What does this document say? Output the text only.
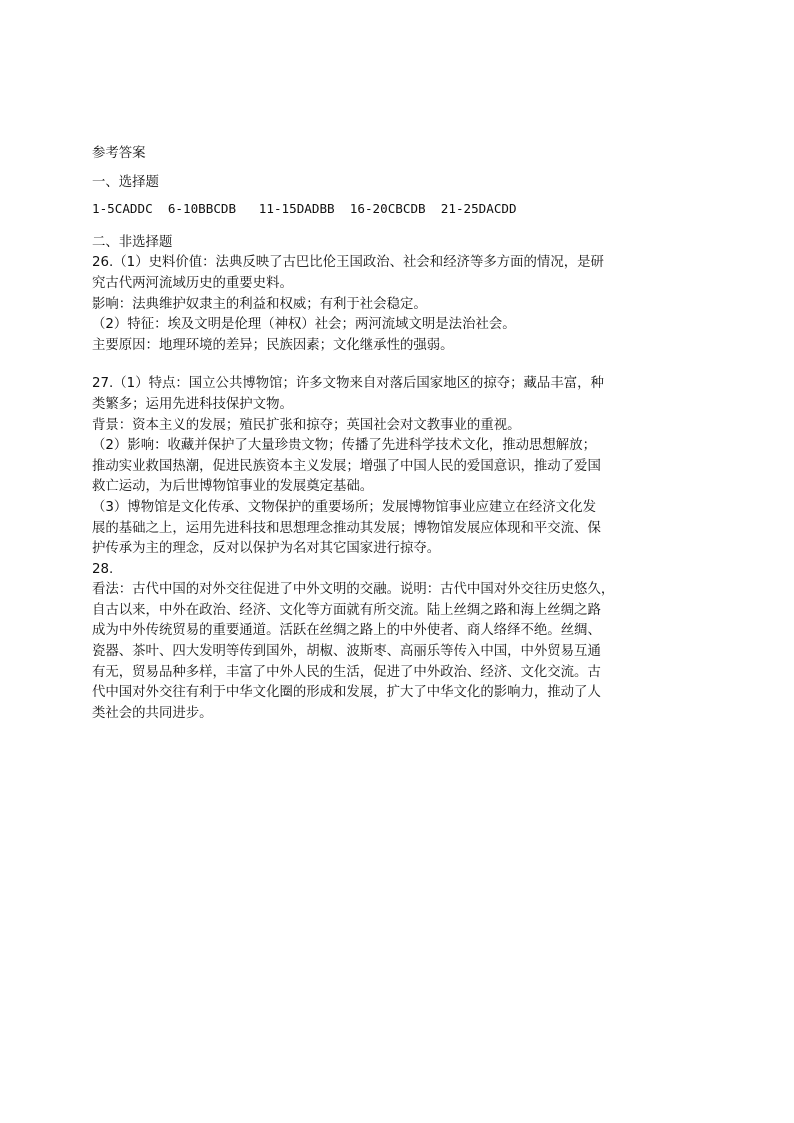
参考答案
一、选择题
1-5CADDC  6-10BBCDB   11-15DADBB  16-20CBCDB  21-25DACDD
二、非选择题
26.（1）史料价值：法典反映了古巴比伦王国政治、社会和经济等多方面的情况，是研
究古代两河流域历史的重要史料。
影响：法典维护奴隶主的利益和权威；有利于社会稳定。
（2）特征：埃及文明是伦理（神权）社会；两河流域文明是法治社会。
主要原因：地理环境的差异；民族因素；文化继承性的强弱。
27.（1）特点：国立公共博物馆；许多文物来自对落后国家地区的掠夺；藏品丰富，种
类繁多；运用先进科技保护文物。
背景：资本主义的发展；殖民扩张和掠夺；英国社会对文教事业的重视。
（2）影响：收藏并保护了大量珍贵文物；传播了先进科学技术文化，推动思想解放；
推动实业救国热潮，促进民族资本主义发展；增强了中国人民的爱国意识，推动了爱国
救亡运动，为后世博物馆事业的发展奠定基础。
（3）博物馆是文化传承、文物保护的重要场所；发展博物馆事业应建立在经济文化发
展的基础之上，运用先进科技和思想理念推动其发展；博物馆发展应体现和平交流、保
护传承为主的理念，反对以保护为名对其它国家进行掠夺。
28.
看法：古代中国的对外交往促进了中外文明的交融。说明：古代中国对外交往历史悠久，
自古以来，中外在政治、经济、文化等方面就有所交流。陆上丝绸之路和海上丝绸之路
成为中外传统贸易的重要通道。活跃在丝绸之路上的中外使者、商人络绎不绝。丝绸、
瓷器、茶叶、四大发明等传到国外，胡椒、波斯枣、高丽乐等传入中国，中外贸易互通
有无，贸易品种多样，丰富了中外人民的生活，促进了中外政治、经济、文化交流。古
代中国对外交往有利于中华文化圈的形成和发展，扩大了中华文化的影响力，推动了人
类社会的共同进步。
